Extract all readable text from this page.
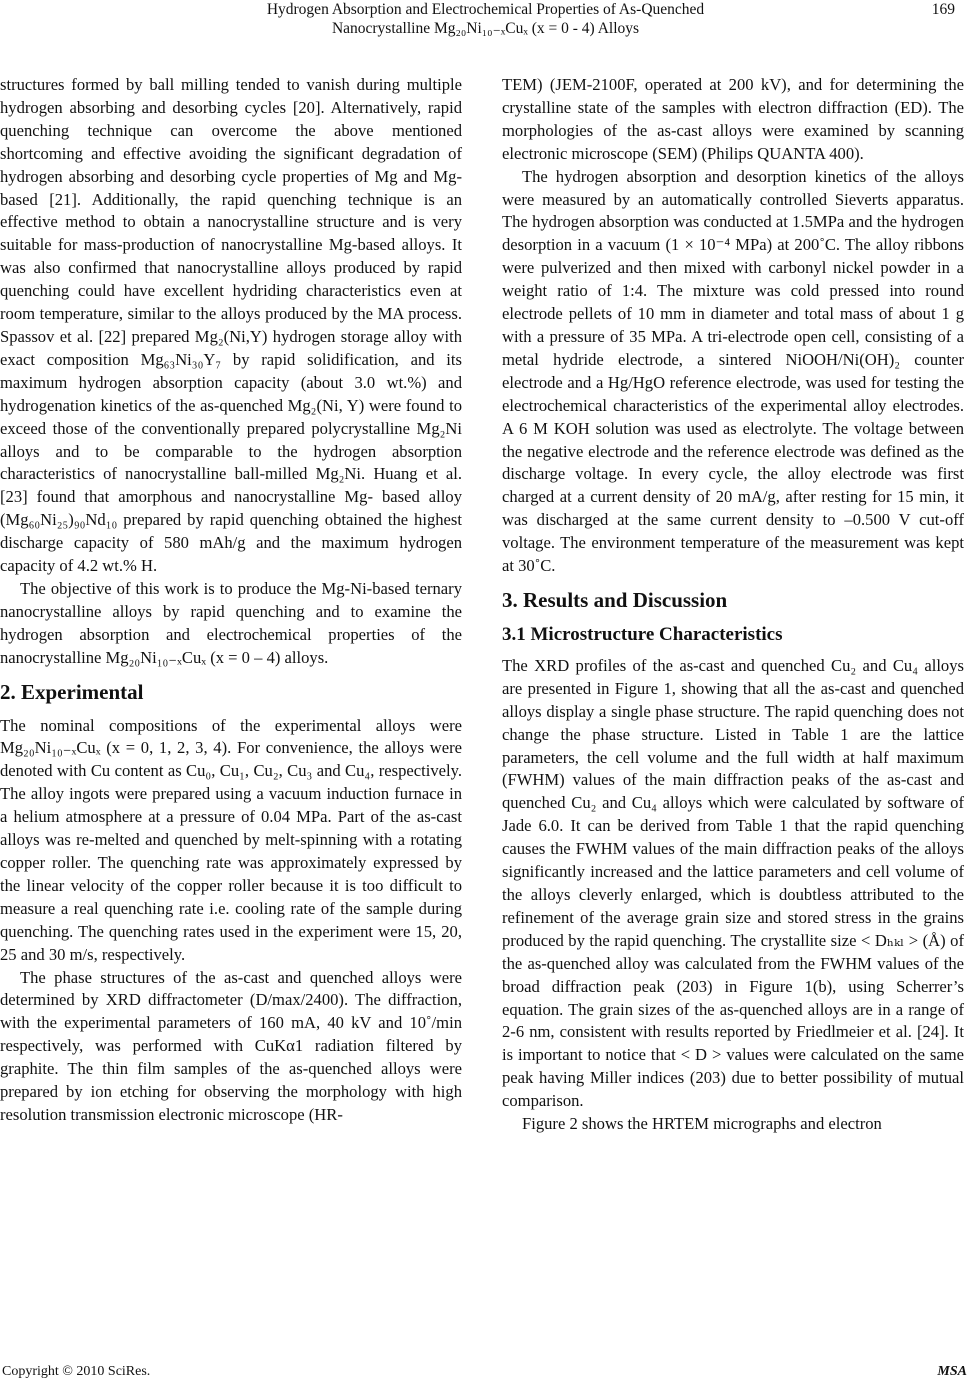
Hydrogen Absorption and Electrochemical Properties of As-Quenched
Nanocrystalline Mg₂₀Ni₁₀₋ₓCuₓ (x = 0 - 4) Alloys
169

structures formed by ball milling tended to vanish during multiple hydrogen absorbing and desorbing cycles [20]. Alternatively, rapid quenching technique can overcome the above mentioned shortcoming and effective avoiding the significant degradation of hydrogen absorbing and desorbing cycle properties of Mg and Mg-based [21]. Additionally, the rapid quenching technique is an effective method to obtain a nanocrystalline structure and is very suitable for mass-production of nanocrystalline Mg-based alloys. It was also confirmed that nanocrystalline alloys produced by rapid quenching could have excellent hydriding characteristics even at room temperature, similar to the alloys produced by the MA process. Spassov et al. [22] prepared Mg₂(Ni,Y) hydrogen storage alloy with exact composition Mg₆₃Ni₃₀Y₇ by rapid solidification, and its maximum hydrogen absorption capacity (about 3.0 wt.%) and hydrogenation kinetics of the as-quenched Mg₂(Ni, Y) were found to exceed those of the conventionally prepared polycrystalline Mg₂Ni alloys and to be comparable to the hydrogen absorption characteristics of nanocrystalline ball-milled Mg₂Ni. Huang et al. [23] found that amorphous and nanocrystalline Mg- based alloy (Mg₆₀Ni₂₅)₉₀Nd₁₀ prepared by rapid quenching obtained the highest discharge capacity of 580 mAh/g and the maximum hydrogen capacity of 4.2 wt.% H.

The objective of this work is to produce the Mg-Ni-based ternary nanocrystalline alloys by rapid quenching and to examine the hydrogen absorption and electrochemical properties of the nanocrystalline Mg₂₀Ni₁₀₋ₓCuₓ (x = 0 – 4) alloys.

2. Experimental

The nominal compositions of the experimental alloys were Mg₂₀Ni₁₀₋ₓCuₓ (x = 0, 1, 2, 3, 4). For convenience, the alloys were denoted with Cu content as Cu₀, Cu₁, Cu₂, Cu₃ and Cu₄, respectively. The alloy ingots were prepared using a vacuum induction furnace in a helium atmosphere at a pressure of 0.04 MPa. Part of the as-cast alloys was re-melted and quenched by melt-spinning with a rotating copper roller. The quenching rate was approximately expressed by the linear velocity of the copper roller because it is too difficult to measure a real quenching rate i.e. cooling rate of the sample during quenching. The quenching rates used in the experiment were 15, 20, 25 and 30 m/s, respectively.

The phase structures of the as-cast and quenched alloys were determined by XRD diffractometer (D/max/2400). The diffraction, with the experimental parameters of 160 mA, 40 kV and 10˚/min respectively, was performed with CuKα1 radiation filtered by graphite. The thin film samples of the as-quenched alloys were prepared by ion etching for observing the morphology with high resolution transmission electronic microscope (HR-

TEM) (JEM-2100F, operated at 200 kV), and for determining the crystalline state of the samples with electron diffraction (ED). The morphologies of the as-cast alloys were examined by scanning electronic microscope (SEM) (Philips QUANTA 400).

The hydrogen absorption and desorption kinetics of the alloys were measured by an automatically controlled Sieverts apparatus. The hydrogen absorption was conducted at 1.5MPa and the hydrogen desorption in a vacuum (1 × 10⁻⁴ MPa) at 200˚C. The alloy ribbons were pulverized and then mixed with carbonyl nickel powder in a weight ratio of 1:4. The mixture was cold pressed into round electrode pellets of 10 mm in diameter and total mass of about 1 g with a pressure of 35 MPa. A tri-electrode open cell, consisting of a metal hydride electrode, a sintered NiOOH/Ni(OH)₂ counter electrode and a Hg/HgO reference electrode, was used for testing the electrochemical characteristics of the experimental alloy electrodes. A 6 M KOH solution was used as electrolyte. The voltage between the negative electrode and the reference electrode was defined as the discharge voltage. In every cycle, the alloy electrode was first charged at a current density of 20 mA/g, after resting for 15 min, it was discharged at the same current density to –0.500 V cut-off voltage. The environment temperature of the measurement was kept at 30˚C.

3. Results and Discussion
3.1 Microstructure Characteristics

The XRD profiles of the as-cast and quenched Cu₂ and Cu₄ alloys are presented in Figure 1, showing that all the as-cast and quenched alloys display a single phase structure. The rapid quenching does not change the phase structure. Listed in Table 1 are the lattice parameters, the cell volume and the full width at half maximum (FWHM) values of the main diffraction peaks of the as-cast and quenched Cu₂ and Cu₄ alloys which were calculated by software of Jade 6.0. It can be derived from Table 1 that the rapid quenching causes the FWHM values of the main diffraction peaks of the alloys significantly increased and the lattice parameters and cell volume of the alloys cleverly enlarged, which is doubtless attributed to the refinement of the average grain size and stored stress in the grains produced by the rapid quenching. The crystallite size < Dₕₖₗ > (Å) of the as-quenched alloy was calculated from the FWHM values of the broad diffraction peak (203) in Figure 1(b), using Scherrer’s equation. The grain sizes of the as-quenched alloys are in a range of 2-6 nm, consistent with results reported by Friedlmeier et al. [24]. It is important to notice that < D > values were calculated on the same peak having Miller indices (203) due to better possibility of mutual comparison.

Figure 2 shows the HRTEM micrographs and electron

Copyright © 2010 SciRes.	MSA
